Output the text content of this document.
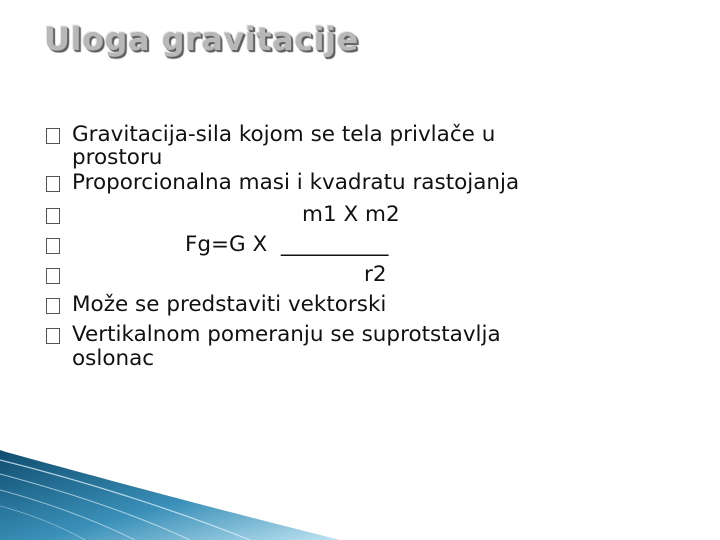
Uloga gravitacije
Gravitacija-sila kojom se tela privlače u
prostoru
Proporcionalna masi i kvadratu rastojanja
m1 X m2
Fg=G X  __________
r2
Može se predstaviti vektorski
Vertikalnom pomeranju se suprotstavlja
oslonac
